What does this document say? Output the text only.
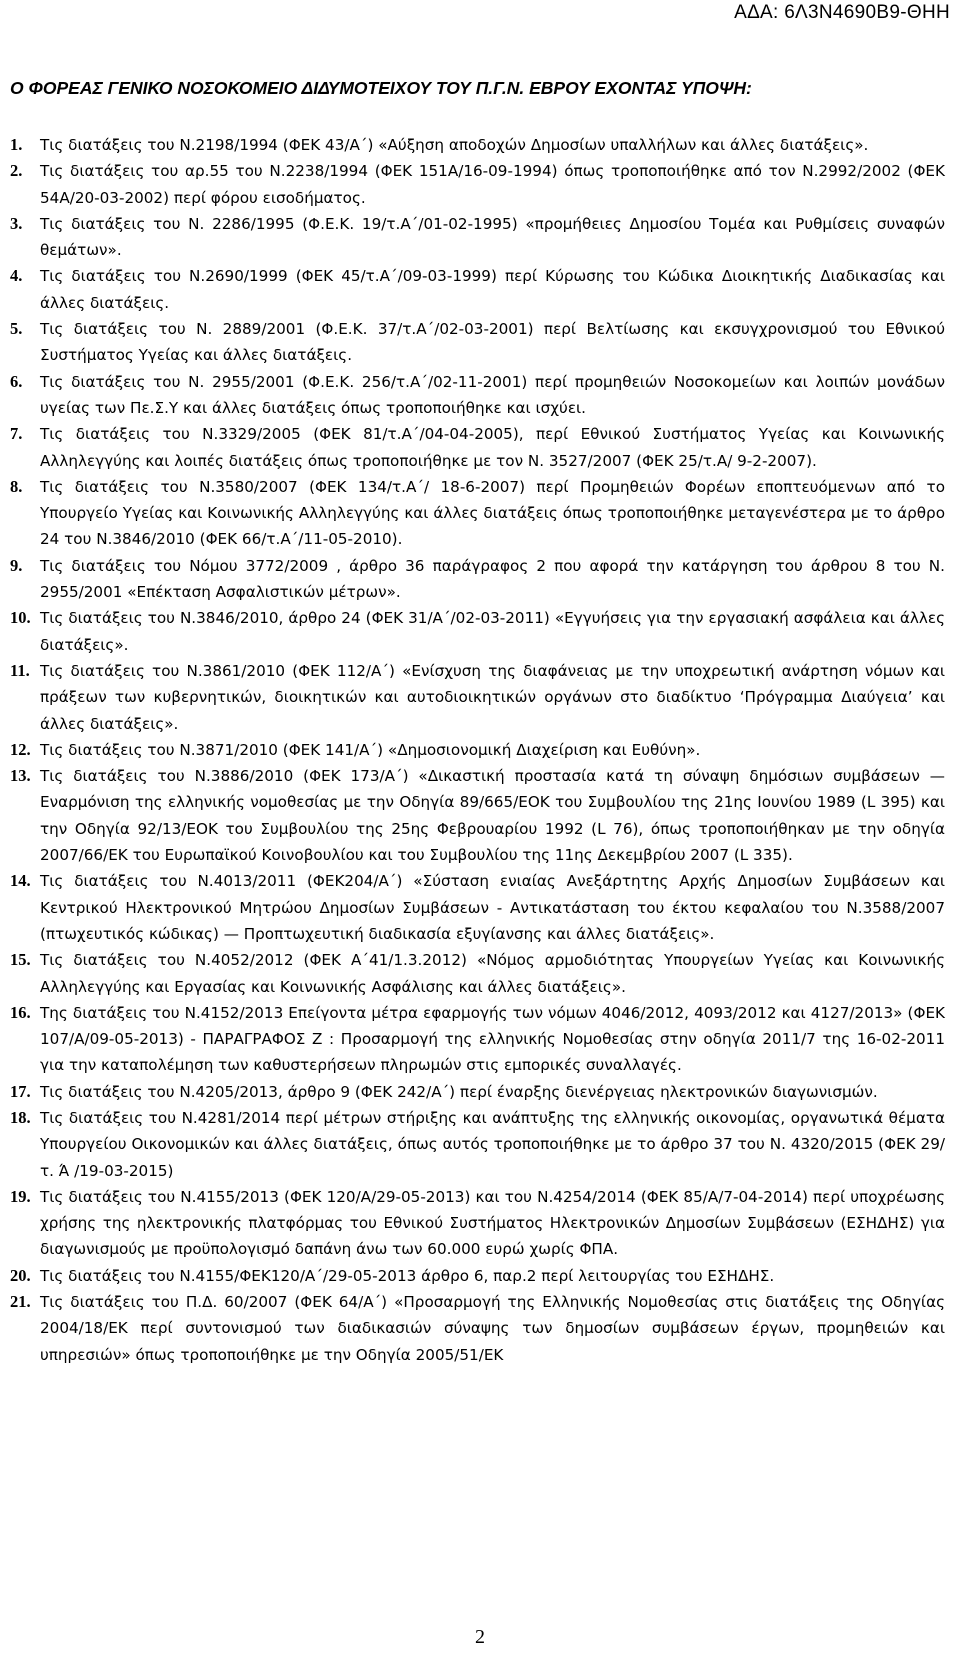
ΑΔΑ: 6Λ3Ν4690Β9-ΘΗΗ
Ο ΦΟΡΕΑΣ ΓΕΝΙΚΟ ΝΟΣΟΚΟΜΕΙΟ ΔΙΔΥΜΟΤΕΙΧΟΥ ΤΟΥ Π.Γ.Ν. ΕΒΡΟΥ ΕΧΟΝΤΑΣ ΥΠΟΨΗ:
1.	Τις διατάξεις του Ν.2198/1994 (ΦΕΚ 43/Α΄) «Αύξηση αποδοχών Δημοσίων υπαλλήλων και άλλες διατάξεις».
2.	Τις διατάξεις του αρ.55 του Ν.2238/1994 (ΦΕΚ 151Α/16-09-1994) όπως τροποποιήθηκε από τον Ν.2992/2002 (ΦΕΚ 54Α/20-03-2002) περί φόρου εισοδήματος.
3.	Τις διατάξεις του Ν. 2286/1995 (Φ.Ε.Κ. 19/τ.Α΄/01-02-1995) «προμήθειες Δημοσίου Τομέα και Ρυθμίσεις συναφών θεμάτων».
4.	Τις διατάξεις του Ν.2690/1999 (ΦΕΚ 45/τ.Α΄/09-03-1999) περί Κύρωσης του Κώδικα Διοικητικής Διαδικασίας και άλλες διατάξεις.
5.	Τις διατάξεις του Ν. 2889/2001 (Φ.Ε.Κ. 37/τ.Α΄/02-03-2001) περί Βελτίωσης και εκσυγχρονισμού του Εθνικού Συστήματος Υγείας και άλλες διατάξεις.
6.	Τις διατάξεις του Ν. 2955/2001 (Φ.Ε.Κ. 256/τ.Α΄/02-11-2001) περί προμηθειών Νοσοκομείων και λοιπών μονάδων υγείας των Πε.Σ.Υ και άλλες διατάξεις όπως τροποποιήθηκε και ισχύει.
7.	Τις διατάξεις του Ν.3329/2005 (ΦΕΚ 81/τ.Α΄/04-04-2005), περί Εθνικού Συστήματος Υγείας και Κοινωνικής Αλληλεγγύης και λοιπές διατάξεις όπως τροποποιήθηκε με τον Ν. 3527/2007 (ΦΕΚ 25/τ.Α/ 9-2-2007).
8.	Τις διατάξεις του Ν.3580/2007 (ΦΕΚ 134/τ.Α΄/ 18-6-2007) περί Προμηθειών Φορέων εποπτευόμενων από το Υπουργείο Υγείας και Κοινωνικής Αλληλεγγύης και άλλες διατάξεις όπως τροποποιήθηκε μεταγενέστερα με το άρθρο 24 του Ν.3846/2010 (ΦΕΚ 66/τ.Α΄/11-05-2010).
9.	Τις διατάξεις του Νόμου 3772/2009 , άρθρο 36 παράγραφος 2 που αφορά την κατάργηση του άρθρου 8 του Ν. 2955/2001 «Επέκταση Ασφαλιστικών μέτρων».
10. Τις διατάξεις του Ν.3846/2010, άρθρο 24 (ΦΕΚ 31/Α΄/02-03-2011) «Εγγυήσεις για την εργασιακή ασφάλεια και άλλες διατάξεις».
11. Τις διατάξεις του Ν.3861/2010 (ΦΕΚ 112/Α΄) «Ενίσχυση της διαφάνειας με την υποχρεωτική ανάρτηση νόμων και πράξεων των κυβερνητικών, διοικητικών και αυτοδιοικητικών οργάνων στο διαδίκτυο ‘Πρόγραμμα Διαύγεια’ και άλλες διατάξεις».
12. Τις διατάξεις του Ν.3871/2010 (ΦΕΚ 141/Α΄) «Δημοσιονομική Διαχείριση και Ευθύνη».
13. Τις διατάξεις του Ν.3886/2010 (ΦΕΚ 173/Α΄) «Δικαστική προστασία κατά τη σύναψη δημόσιων συμβάσεων — Εναρμόνιση της ελληνικής νομοθεσίας με την Οδηγία 89/665/ΕΟΚ του Συμβουλίου της 21ης Ιουνίου 1989 (L 395) και την Οδηγία 92/13/ΕΟΚ του Συμβουλίου της 25ης Φεβρουαρίου 1992 (L 76), όπως τροποποιήθηκαν με την οδηγία 2007/66/ΕΚ του Ευρωπαϊκού Κοινοβουλίου και του Συμβουλίου της 11ης Δεκεμβρίου 2007 (L 335).
14. Τις διατάξεις του Ν.4013/2011 (ΦΕΚ204/Α΄) «Σύσταση ενιαίας Ανεξάρτητης Αρχής Δημοσίων Συμβάσεων και Κεντρικού Ηλεκτρονικού Μητρώου Δημοσίων Συμβάσεων - Αντικατάσταση του έκτου κεφαλαίου του Ν.3588/2007 (πτωχευτικός κώδικας) — Προπτωχευτική διαδικασία εξυγίανσης και άλλες διατάξεις».
15. Τις διατάξεις του Ν.4052/2012 (ΦΕΚ Α΄41/1.3.2012) «Νόμος αρμοδιότητας Υπουργείων Υγείας και Κοινωνικής Αλληλεγγύης και Εργασίας και Κοινωνικής Ασφάλισης και άλλες διατάξεις».
16. Της διατάξεις του Ν.4152/2013 Επείγοντα μέτρα εφαρμογής των νόμων 4046/2012, 4093/2012 και 4127/2013» (ΦΕΚ 107/Α/09-05-2013) - ΠΑΡΑΓΡΑΦΟΣ Ζ : Προσαρμογή της ελληνικής Νομοθεσίας στην οδηγία 2011/7 της 16-02-2011 για την καταπολέμηση των καθυστερήσεων πληρωμών στις εμπορικές συναλλαγές.
17. Τις διατάξεις του Ν.4205/2013, άρθρο 9 (ΦΕΚ 242/Α΄) περί έναρξης διενέργειας ηλεκτρονικών διαγωνισμών.
18. Τις διατάξεις του Ν.4281/2014 περί μέτρων στήριξης και ανάπτυξης της ελληνικής οικονομίας, οργανωτικά θέματα Υπουργείου Οικονομικών και άλλες διατάξεις, όπως αυτός τροποποιήθηκε με το άρθρο 37 του Ν. 4320/2015 (ΦΕΚ 29/τ. Ά /19-03-2015)
19. Τις διατάξεις του Ν.4155/2013 (ΦΕΚ 120/Α/29-05-2013) και του Ν.4254/2014 (ΦΕΚ 85/Α/7-04-2014) περί υποχρέωσης χρήσης της ηλεκτρονικής πλατφόρμας του Εθνικού Συστήματος Ηλεκτρονικών Δημοσίων Συμβάσεων (ΕΣΗΔΗΣ) για διαγωνισμούς με προϋπολογισμό δαπάνη άνω των 60.000 ευρώ χωρίς ΦΠΑ.
20. Τις διατάξεις του Ν.4155/ΦΕΚ120/Α΄/29-05-2013 άρθρο 6, παρ.2 περί λειτουργίας του ΕΣΗΔΗΣ.
21. Τις διατάξεις του Π.Δ. 60/2007 (ΦΕΚ 64/Α΄) «Προσαρμογή της Ελληνικής Νομοθεσίας στις διατάξεις της Οδηγίας 2004/18/ΕΚ περί συντονισμού των διαδικασιών σύναψης των δημοσίων συμβάσεων έργων, προμηθειών και υπηρεσιών» όπως τροποποιήθηκε με την Οδηγία 2005/51/ΕΚ
2
